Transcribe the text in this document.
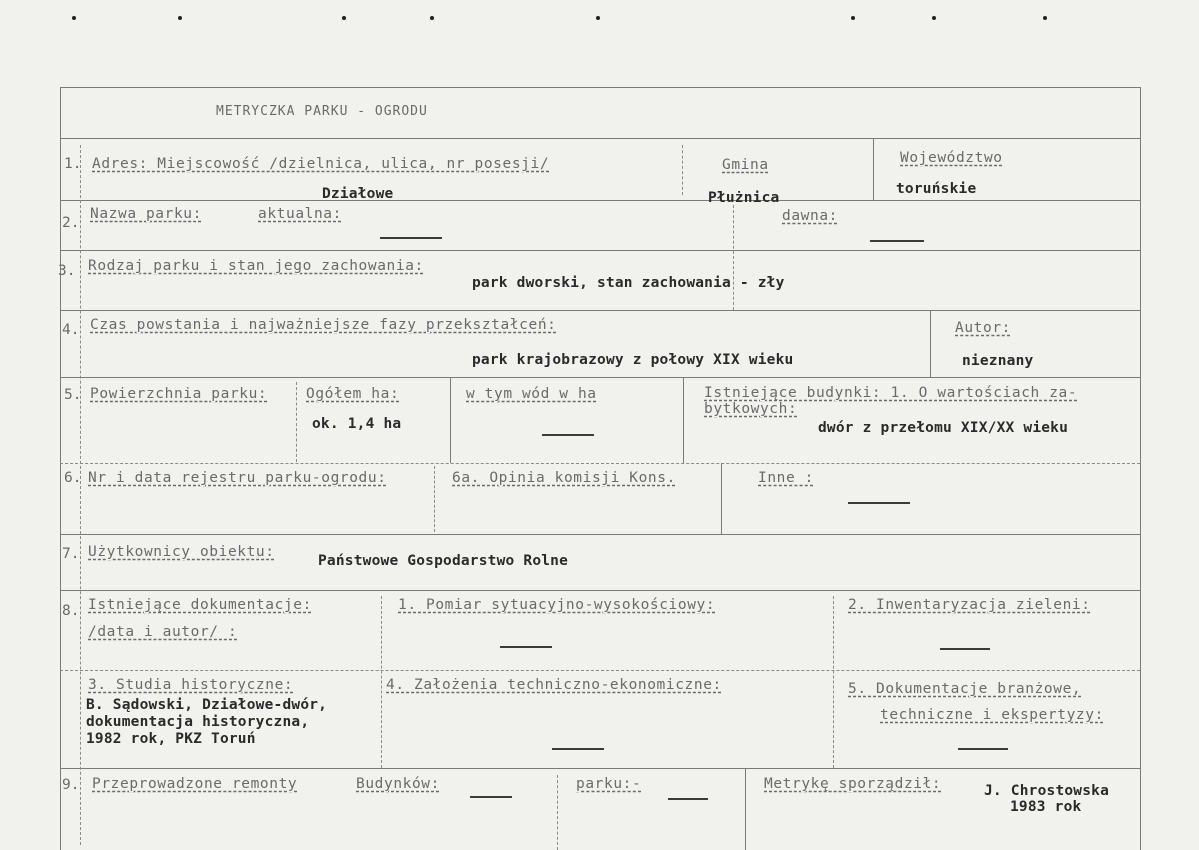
METRYCZKA PARKU - OGRODU
1. Adres: Miejscowość /dzielnica, ulica, nr posesji/
Działowe
Gmina
Płużnica
Województwo
toruńskie
2.
Nazwa parku:	aktualna:	dawna:
3. Rodzaj parku i stan jego zachowania:
park dworski, stan zachowania - zły
4. Czas powstania i najważniejsze fazy przekształceń:
park krajobrazowy z połowy XIX wieku
Autor:
nieznany
5. Powierzchnia parku:	Ogółem ha:
ok. 1,4 ha
w tym wód w ha	Istniejące budynki: 1. O wartościach za-
bytkowych:
dwór z przełomu XIX/XX wieku
6. Nr i data rejestru parku-ogrodu:	6a. Opinia komisji Kons.	Inne :
7. Użytkownicy obiektu:
Państwowe Gospodarstwo Rolne
8. Istniejące dokumentacje:
/data i autor/ :
1. Pomiar sytuacyjno-wysokościowy:	2. Inwentaryzacja zieleni:
3. Studia historyczne:
B. Sądowski, Działowe-dwór,
dokumentacja historyczna,
1982 rok, PKZ Toruń
4. Założenia techniczno-ekonomiczne:	5. Dokumentacje branżowe,
techniczne i ekspertyzy:
9. Przeprowadzone remonty	Budynków:	parku:-	Metrykę sporządził:	J. Chrostowska
1983 rok
